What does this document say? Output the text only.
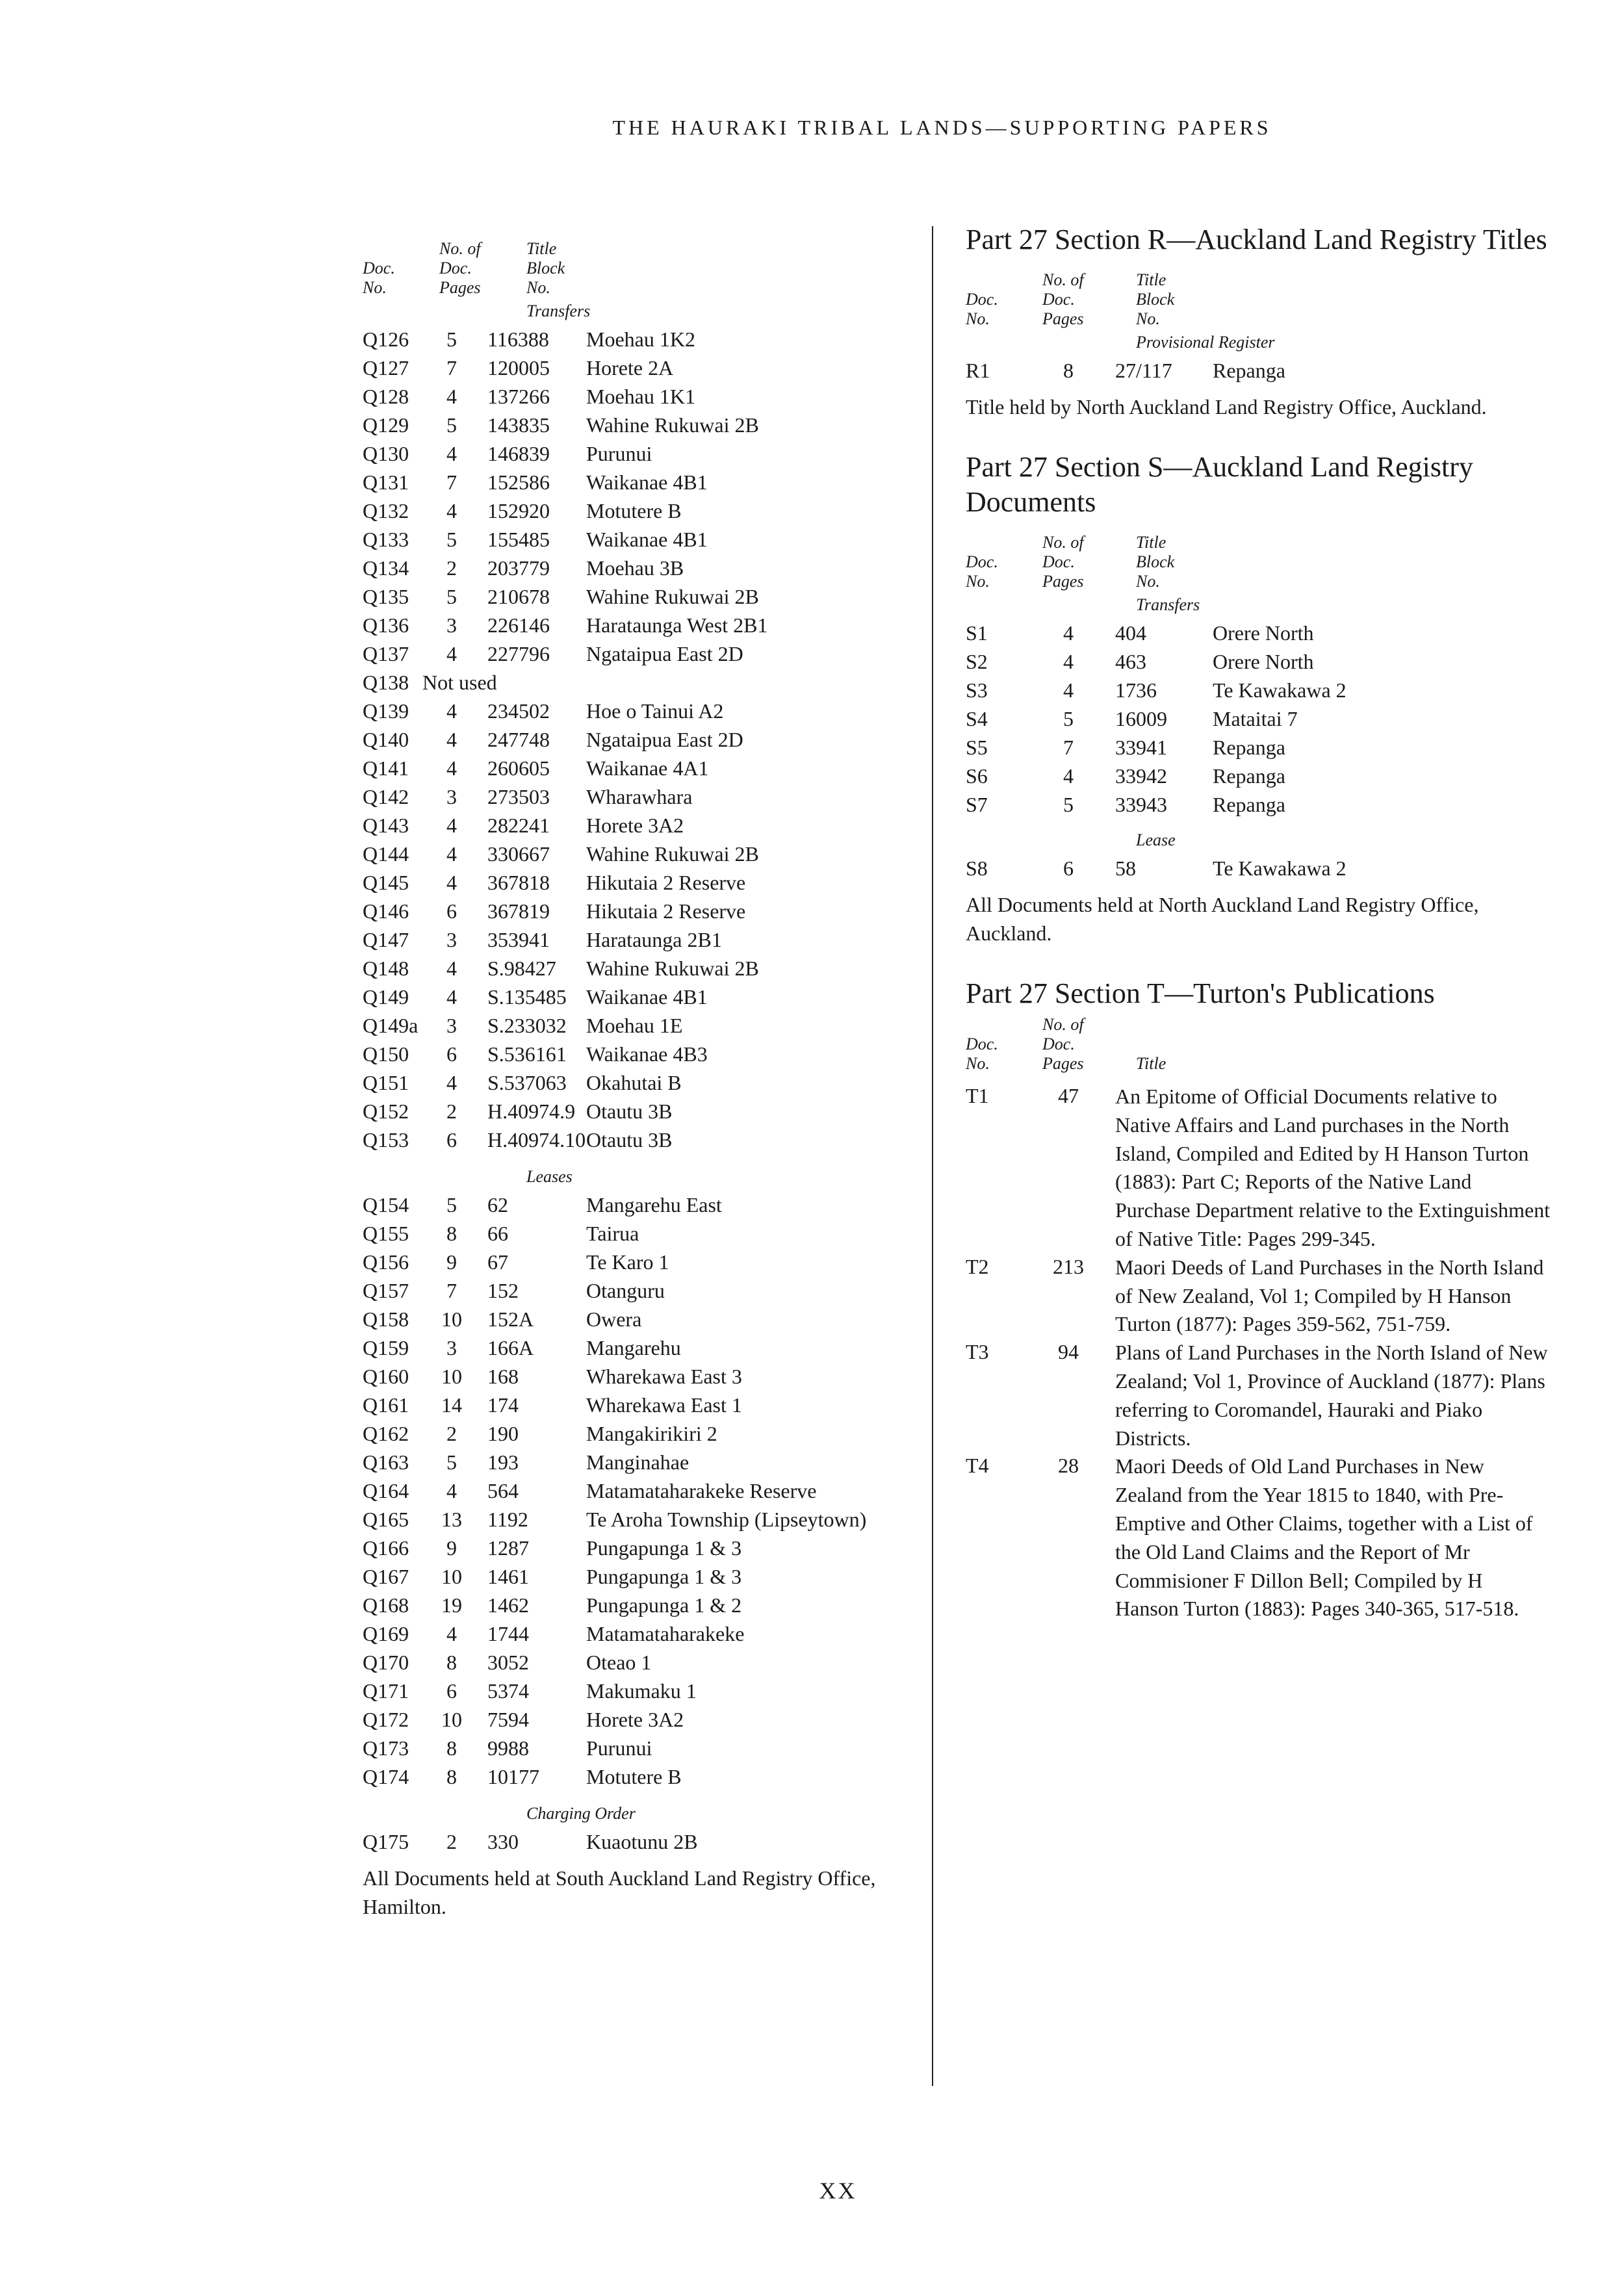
THE HAURAKI TRIBAL LANDS—SUPPORTING PAPERS
Doc.
No.
No. of
Doc.
Pages
Title
Block
No.
Transfers
Q126	5	116388	Moehau 1K2
Q127	7	120005	Horete 2A
Q128	4	137266	Moehau 1K1
Q129	5	143835	Wahine Rukuwai 2B
Q130	4	146839	Purunui
Q131	7	152586	Waikanae 4B1
Q132	4	152920	Motutere B
Q133	5	155485	Waikanae 4B1
Q134	2	203779	Moehau 3B
Q135	5	210678	Wahine Rukuwai 2B
Q136	3	226146	Harataunga West 2B1
Q137	4	227796	Ngataipua East 2D
Q138	Not used		
Q139	4	234502	Hoe o Tainui A2
Q140	4	247748	Ngataipua East 2D
Q141	4	260605	Waikanae 4A1
Q142	3	273503	Wharawhara
Q143	4	282241	Horete 3A2
Q144	4	330667	Wahine Rukuwai 2B
Q145	4	367818	Hikutaia 2 Reserve
Q146	6	367819	Hikutaia 2 Reserve
Q147	3	353941	Harataunga 2B1
Q148	4	S.98427	Wahine Rukuwai 2B
Q149	4	S.135485	Waikanae 4B1
Q149a	3	S.233032	Moehau 1E
Q150	6	S.536161	Waikanae 4B3
Q151	4	S.537063	Okahutai B
Q152	2	H.40974.9	Otautu 3B
Q153	6	H.40974.10	Otautu 3B
Leases
Q154	5	62	Mangarehu East
Q155	8	66	Tairua
Q156	9	67	Te Karo 1
Q157	7	152	Otanguru
Q158	10	152A	Owera
Q159	3	166A	Mangarehu
Q160	10	168	Wharekawa East 3
Q161	14	174	Wharekawa East 1
Q162	2	190	Mangakirikiri 2
Q163	5	193	Manginahae
Q164	4	564	Matamataharakeke Reserve
Q165	13	1192	Te Aroha Township (Lipseytown)
Q166	9	1287	Pungapunga 1 & 3
Q167	10	1461	Pungapunga 1 & 3
Q168	19	1462	Pungapunga 1 & 2
Q169	4	1744	Matamataharakeke
Q170	8	3052	Oteao 1
Q171	6	5374	Makumaku 1
Q172	10	7594	Horete 3A2
Q173	8	9988	Purunui
Q174	8	10177	Motutere B
Charging Order
Q175	2	330	Kuaotunu 2B
All Documents held at South Auckland Land Registry Office, Hamilton.
Part 27 Section R—Auckland Land Registry Titles
Doc.
No.
No. of
Doc.
Pages
Title
Block
No.
Provisional Register
R1	8	27/117	Repanga
Title held by North Auckland Land Registry Office, Auckland.
Part 27 Section S—Auckland Land Registry Documents
Doc.
No.
No. of
Doc.
Pages
Title
Block
No.
Transfers
S1	4	404	Orere North
S2	4	463	Orere North
S3	4	1736	Te Kawakawa 2
S4	5	16009	Mataitai 7
S5	7	33941	Repanga
S6	4	33942	Repanga
S7	5	33943	Repanga
Lease
S8	6	58	Te Kawakawa 2
All Documents held at North Auckland Land Registry Office, Auckland.
Part 27 Section T—Turton's Publications
Doc.
No.
No. of
Doc.
Pages	Title
T1	47	An Epitome of Official Documents relative to Native Affairs and Land purchases in the North Island, Compiled and Edited by H Hanson Turton (1883): Part C; Reports of the Native Land Purchase Department relative to the Extinguishment of Native Title: Pages 299-345.
T2	213	Maori Deeds of Land Purchases in the North Island of New Zealand, Vol 1; Compiled by H Hanson Turton (1877): Pages 359-562, 751-759.
T3	94	Plans of Land Purchases in the North Island of New Zealand; Vol 1, Province of Auckland (1877): Plans referring to Coromandel, Hauraki and Piako Districts.
T4	28	Maori Deeds of Old Land Purchases in New Zealand from the Year 1815 to 1840, with Pre-Emptive and Other Claims, together with a List of the Old Land Claims and the Report of Mr Commisioner F Dillon Bell; Compiled by H Hanson Turton (1883): Pages 340-365, 517-518.
XX
